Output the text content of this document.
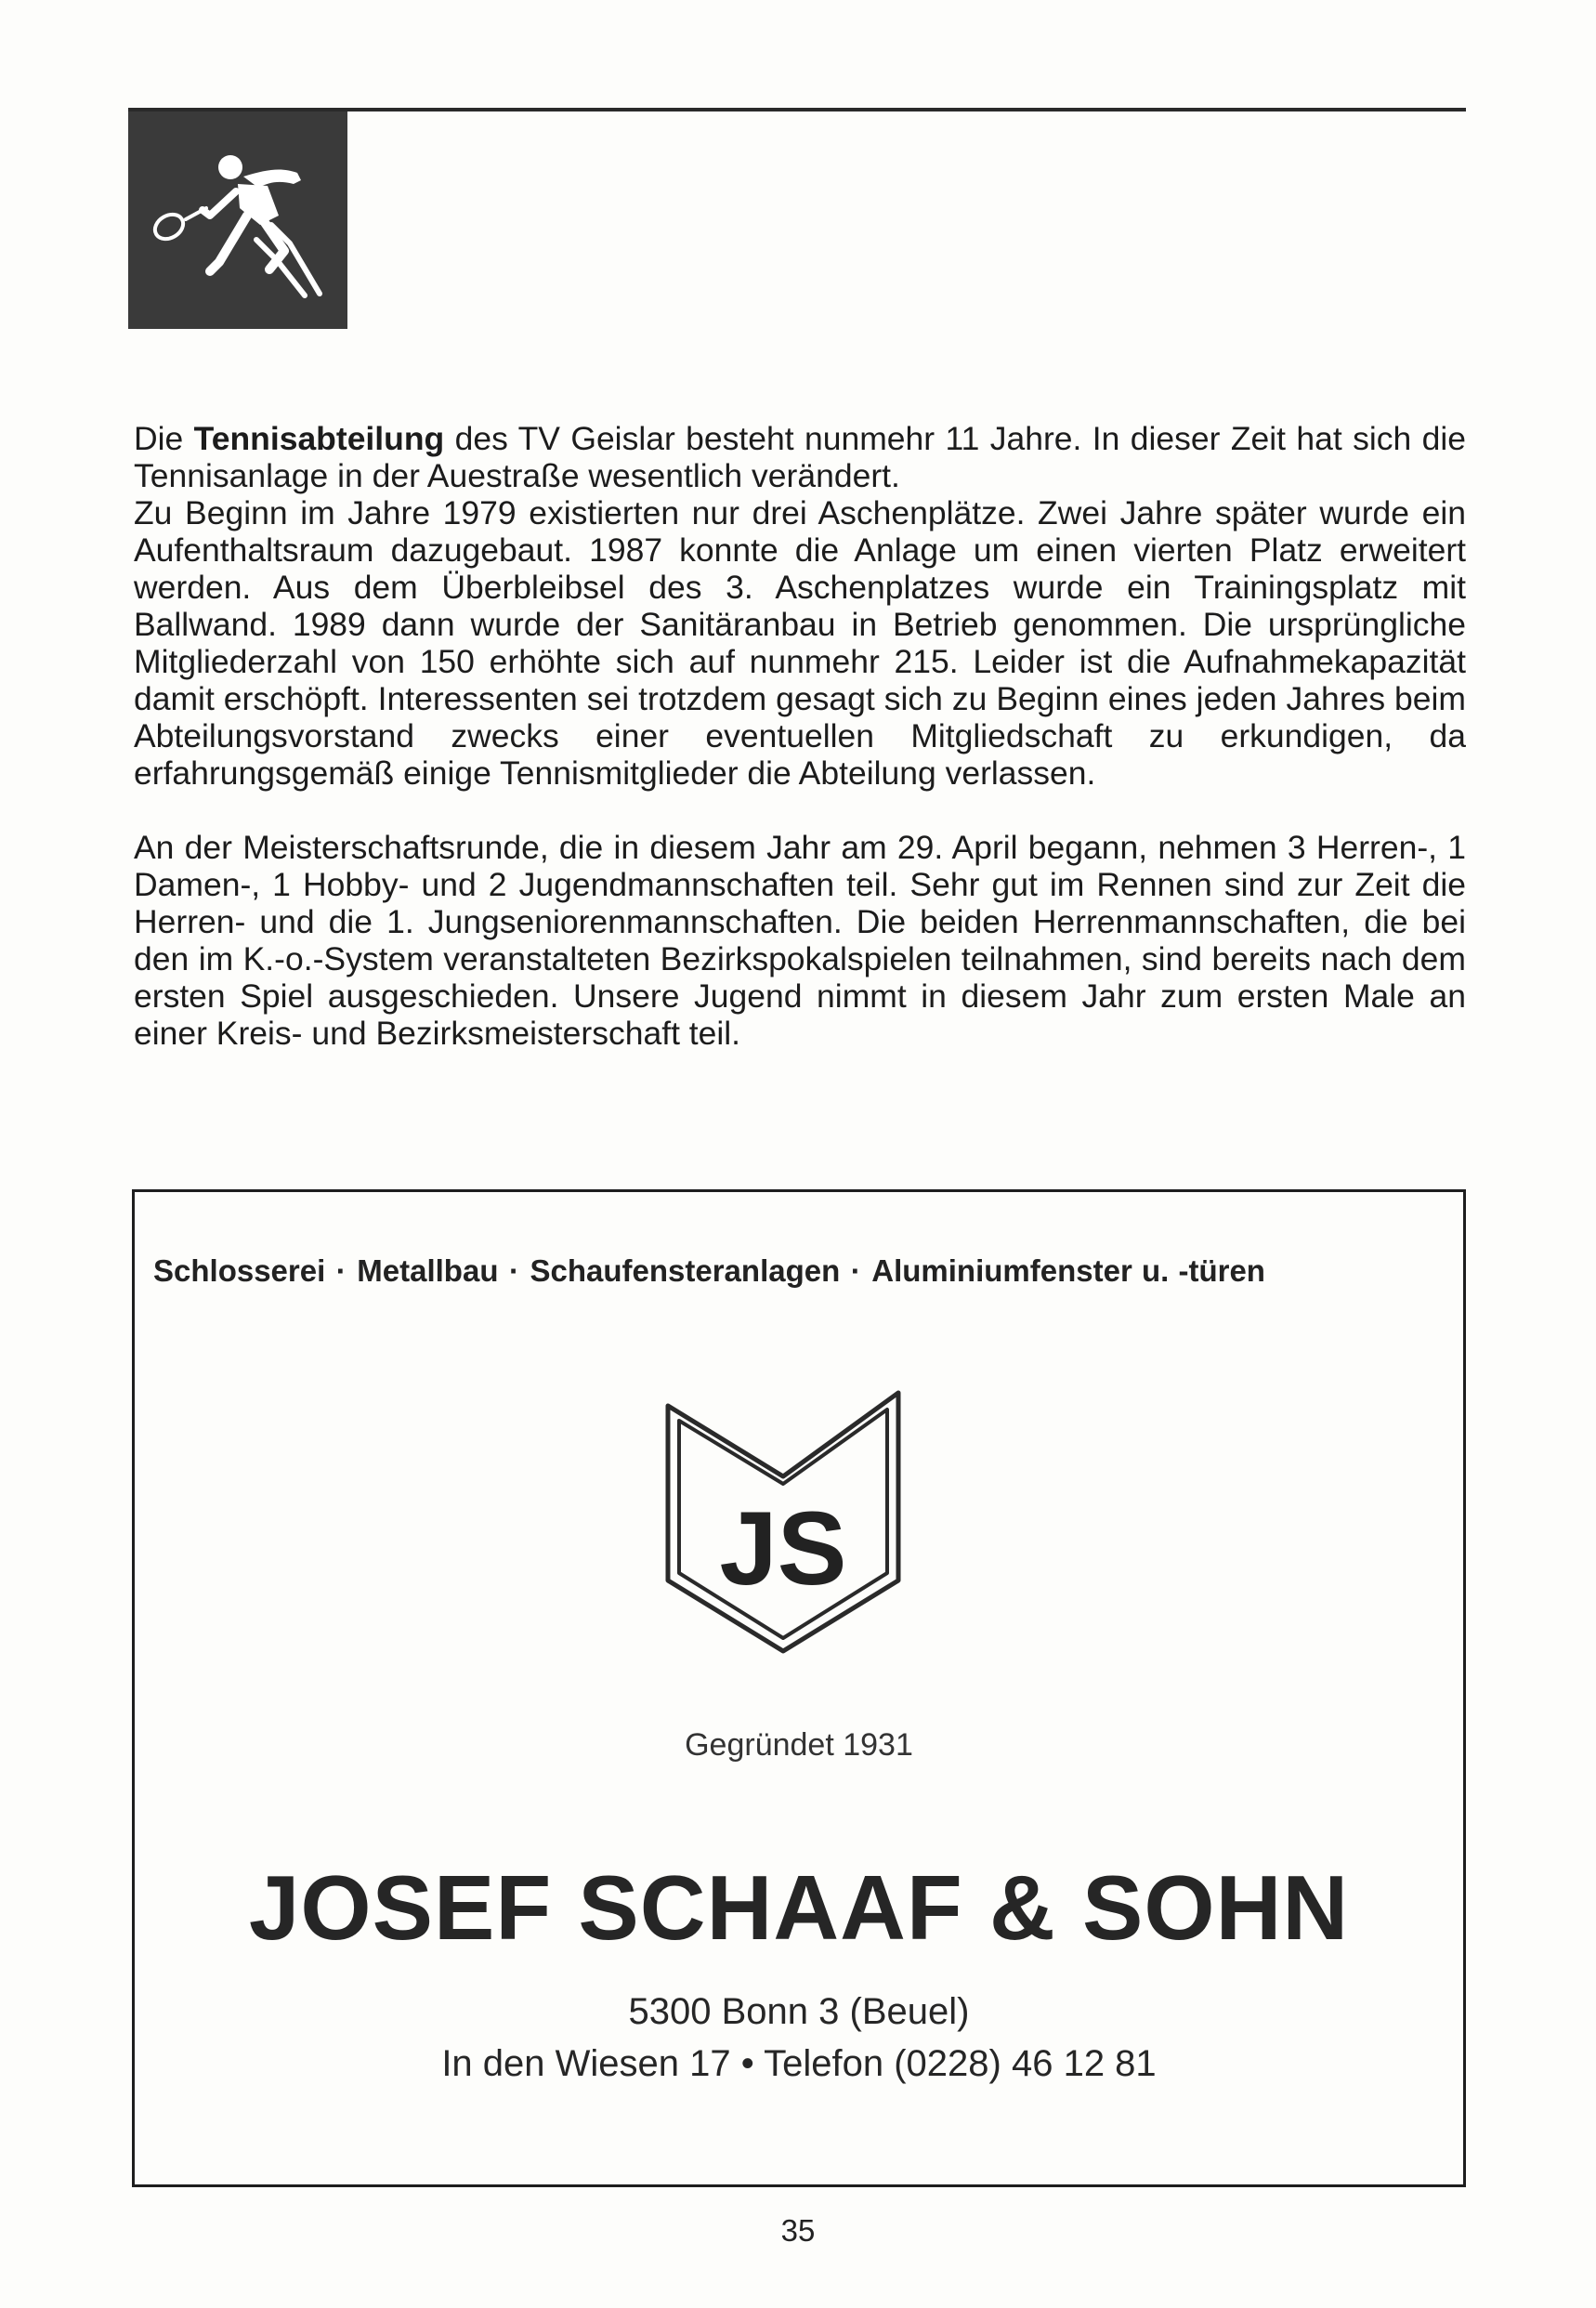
Die Tennisabteilung des TV Geislar besteht nunmehr 11 Jahre. In dieser Zeit hat sich die Tennisanlage in der Auestraße wesentlich verändert.

Zu Beginn im Jahre 1979 existierten nur drei Aschenplätze. Zwei Jahre später wurde ein Aufenthaltsraum dazugebaut. 1987 konnte die Anlage um einen vierten Platz erweitert werden. Aus dem Überbleibsel des 3. Aschenplatzes wurde ein Trainingsplatz mit Ballwand. 1989 dann wurde der Sanitäranbau in Betrieb genommen. Die ursprüngliche Mitgliederzahl von 150 erhöhte sich auf nunmehr 215. Leider ist die Aufnahmekapazität damit erschöpft. Interessenten sei trotzdem gesagt sich zu Beginn eines jeden Jahres beim Abteilungsvorstand zwecks einer eventuellen Mitgliedschaft zu erkundigen, da erfahrungsgemäß einige Tennismitglieder die Abteilung verlassen.

An der Meisterschaftsrunde, die in diesem Jahr am 29. April begann, nehmen 3 Herren-, 1 Damen-, 1 Hobby- und 2 Jugendmannschaften teil. Sehr gut im Rennen sind zur Zeit die Herren- und die 1. Jungseniorenmannschaften. Die beiden Herrenmannschaften, die bei den im K.-o.-System veranstalteten Bezirkspokalspielen teilnahmen, sind bereits nach dem ersten Spiel ausgeschieden. Unsere Jugend nimmt in diesem Jahr zum ersten Male an einer Kreis- und Bezirksmeisterschaft teil.

Schlosserei · Metallbau · Schaufensteranlagen · Aluminiumfenster u. -türen
JS
Gegründet 1931
JOSEF SCHAAF & SOHN
5300 Bonn 3 (Beuel)
In den Wiesen 17 • Telefon (0228) 46 12 81
35
